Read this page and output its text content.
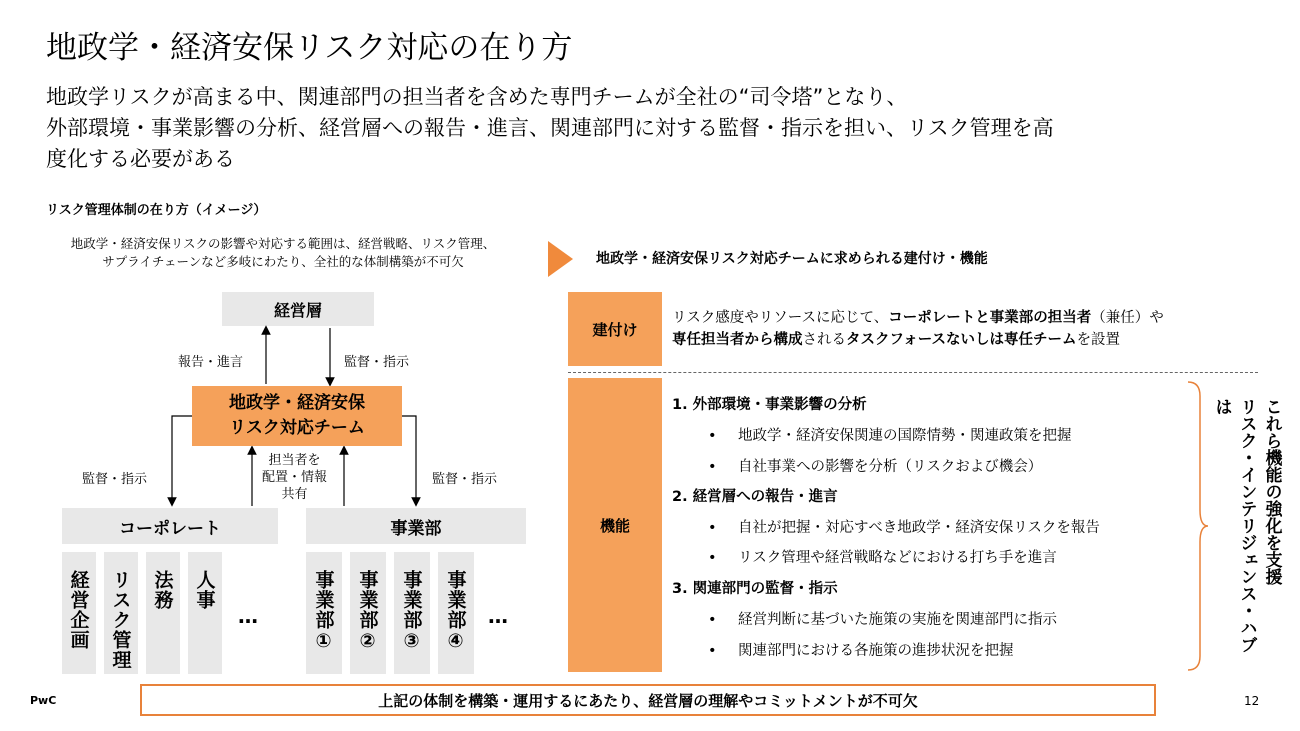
地政学・経済安保リスク対応の在り方
地政学リスクが高まる中、関連部門の担当者を含めた専門チームが全社の“司令塔”となり、
外部環境・事業影響の分析、経営層への報告・進言、関連部門に対する監督・指示を担い、リスク管理を高
度化する必要がある
リスク管理体制の在り方（イメージ）
地政学・経済安保リスクの影響や対応する範囲は、経営戦略、リスク管理、
サプライチェーンなど多岐にわたり、全社的な体制構築が不可欠
経営層
報告・進言	監督・指示
地政学・経済安保
リスク対応チーム
担当者を
配置・情報
共有
監督・指示	監督・指示
コーポレート	事業部
経営企画 リスク管理 法務 人事
…	事業部① 事業部② 事業部③ 事業部④ …
地政学・経済安保リスク対応チームに求められる建付け・機能
建付け
リスク感度やリソースに応じて、コーポレートと事業部の担当者（兼任）や
専任担当者から構成されるタスクフォースないしは専任チームを設置
機能
1. 外部環境・事業影響の分析
• 地政学・経済安保関連の国際情勢・関連政策を把握
• 自社事業への影響を分析（リスクおよび機会）
2. 経営層への報告・進言
• 自社が把握・対応すべき地政学・経済安保リスクを報告
• リスク管理や経営戦略などにおける打ち手を進言
3. 関連部門の監督・指示
• 経営判断に基づいた施策の実施を関連部門に指示
• 関連部門における各施策の進捗状況を把握	リスク・インテリジェンス・ハブは	これら機能の強化を支援
PwC	上記の体制を構築・運用するにあたり、経営層の理解やコミットメントが不可欠	12
